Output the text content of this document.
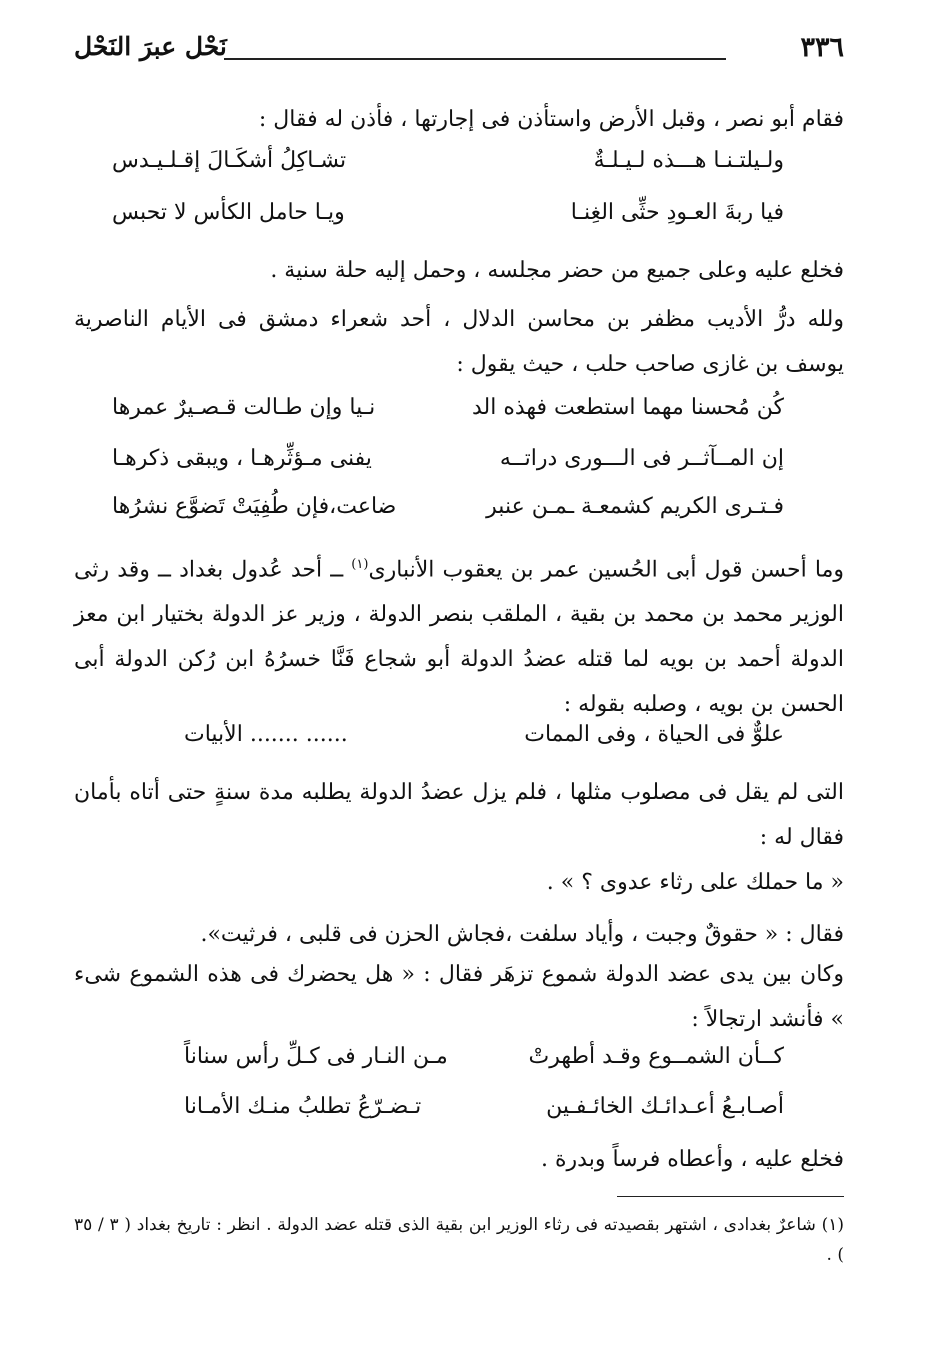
٣٣٦
نَحْل عبرَ النَحْل

فقام أبو نصر ، وقبل الأرض واستأذن فى إجارتها ، فأذن له فقال :

ولـيلتـنـا هـــذه لـيـلـةٌ
تشـاكِلُ أشكَـالَ إقـلـيـدس
فيا ربةَ العـودِ حثِّى الغِنـا
ويـا حامل الكأس لا تحبس

فخلع عليه وعلى جميع من حضر مجلسه ، وحمل إليه حلة سنية .

ولله درُّ الأديب مظفر بن محاسن الدلال ، أحد شعراء دمشق فى الأيام الناصرية يوسف بن غازى صاحب حلب ، حيث يقول :

كُن مُحسنا مهما استطعت فهذه الد
نـيا وإن طـالت قـصـيرٌ عمرها
إن المــآثــر فى الـــورى دراتــه
يفنى مـؤثِّرهـا ، ويبقى ذكرهـا
فـتـرى الكريم كشمعـة ـمـن عنبر
ضاعت،فإن طُفِيَتْ تَضوَّع نشرُها

وما أحسن قول أبى الحُسين عمر بن يعقوب الأنبارى$^{(١)}$ ــ أحد عُدول بغداد ــ وقد رثى الوزير محمد بن محمد بن بقية ، الملقب بنصر الدولة ، وزير عز الدولة بختيار ابن معز الدولة أحمد بن بويه لما قتله عضدُ الدولة أبو شجاع فَنَّا خسرُهُ ابن رُكن الدولة أبى الحسن بن بويه ، وصلبه بقوله :

علوٌّ فى الحياة ، وفى الممات
...... ....... الأبيات

التى لم يقل فى مصلوب مثلها ، فلم يزل عضدُ الدولة يطلبه مدة سنةٍ حتى أتاه بأمان فقال له :

« ما حملك على رثاء عدوى ؟ » .

فقال : « حقوقٌ وجبت ، وأياد سلفت ،فجاش الحزن فى قلبى ، فرثيت».

وكان بين يدى عضد الدولة شموع تزهَر فقال : « هل يحضرك فى هذه الشموع شىء » فأنشد ارتجالاً :

كــأن الشمــوع وقـد أطهرتْ
مـن النـار فى كـلِّ رأس سناناً
أصـابـعُ أعـدائـك الخائـفـين
تـضـرّعُ تطلبُ منـك الأمـانا

فخلع عليه ، وأعطاه فرساً وبدرة .

(١) شاعرٌ بغدادى ، اشتهر بقصيدته فى رثاء الوزير ابن بقية الذى قتله عضد الدولة . انظر : تاريخ بغداد ( ٣ / ٣٥ ) .
